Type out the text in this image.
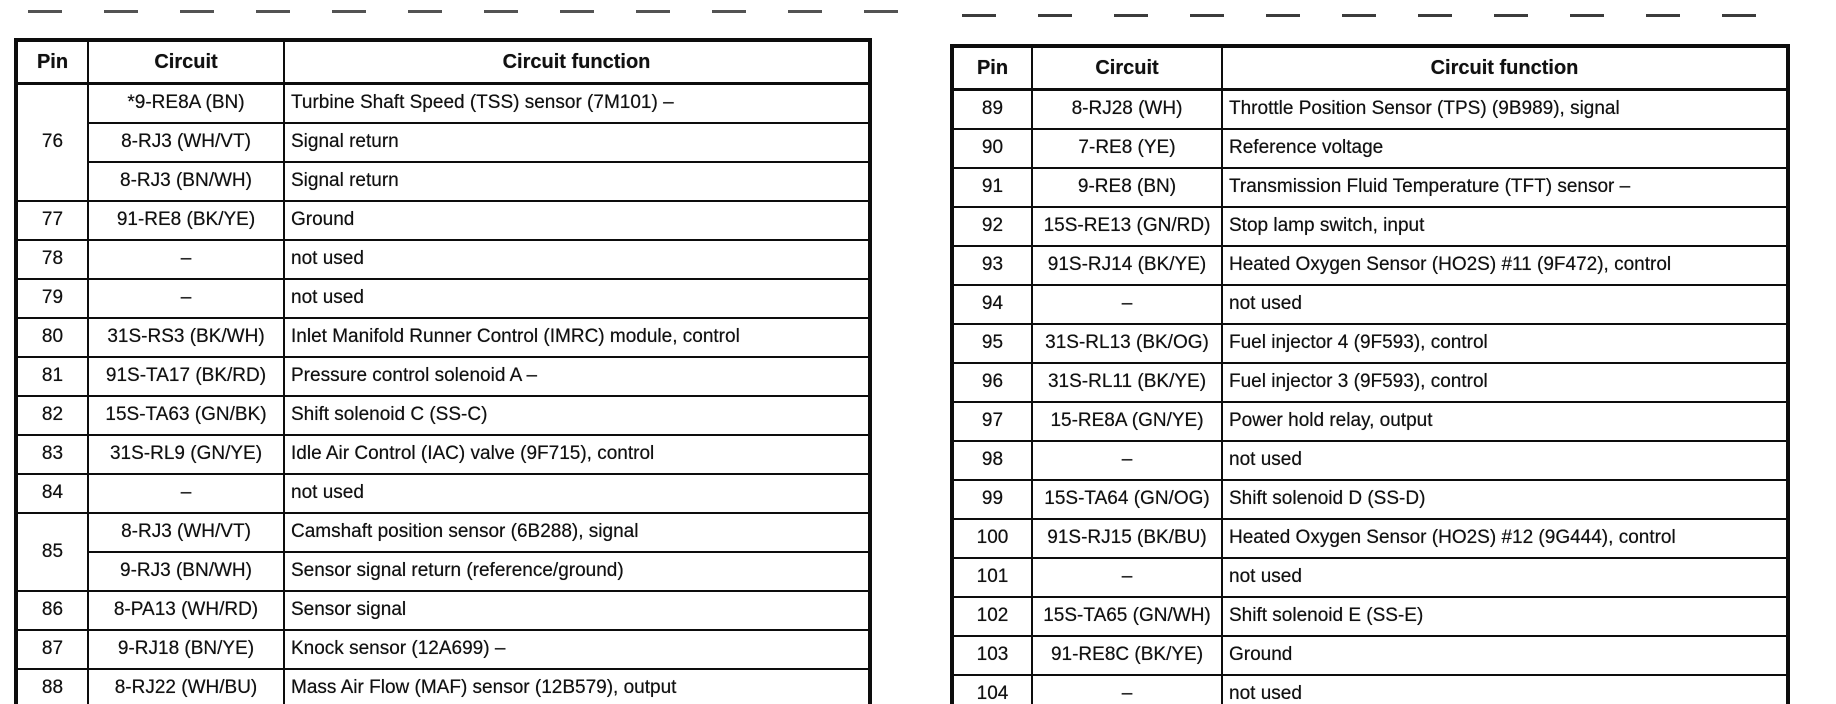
Pin	Circuit	Circuit function
76	*9-RE8A (BN)	Turbine Shaft Speed (TSS) sensor (7M101) –
	8-RJ3 (WH/VT)	Signal return
	8-RJ3 (BN/WH)	Signal return
77	91-RE8 (BK/YE)	Ground
78	–	not used
79	–	not used
80	31S-RS3 (BK/WH)	Inlet Manifold Runner Control (IMRC) module, control
81	91S-TA17 (BK/RD)	Pressure control solenoid A –
82	15S-TA63 (GN/BK)	Shift solenoid C (SS-C)
83	31S-RL9 (GN/YE)	Idle Air Control (IAC) valve (9F715), control
84	–	not used
85	8-RJ3 (WH/VT)	Camshaft position sensor (6B288), signal
	9-RJ3 (BN/WH)	Sensor signal return (reference/ground)
86	8-PA13 (WH/RD)	Sensor signal
87	9-RJ18 (BN/YE)	Knock sensor (12A699) –
88	8-RJ22 (WH/BU)	Mass Air Flow (MAF) sensor (12B579), output
Pin	Circuit	Circuit function
89	8-RJ28 (WH)	Throttle Position Sensor (TPS) (9B989), signal
90	7-RE8 (YE)	Reference voltage
91	9-RE8 (BN)	Transmission Fluid Temperature (TFT) sensor –
92	15S-RE13 (GN/RD)	Stop lamp switch, input
93	91S-RJ14 (BK/YE)	Heated Oxygen Sensor (HO2S) #11 (9F472), control
94	–	not used
95	31S-RL13 (BK/OG)	Fuel injector 4 (9F593), control
96	31S-RL11 (BK/YE)	Fuel injector 3 (9F593), control
97	15-RE8A (GN/YE)	Power hold relay, output
98	–	not used
99	15S-TA64 (GN/OG)	Shift solenoid D (SS-D)
100	91S-RJ15 (BK/BU)	Heated Oxygen Sensor (HO2S) #12 (9G444), control
101	–	not used
102	15S-TA65 (GN/WH)	Shift solenoid E (SS-E)
103	91-RE8C (BK/YE)	Ground
104	–	not used
